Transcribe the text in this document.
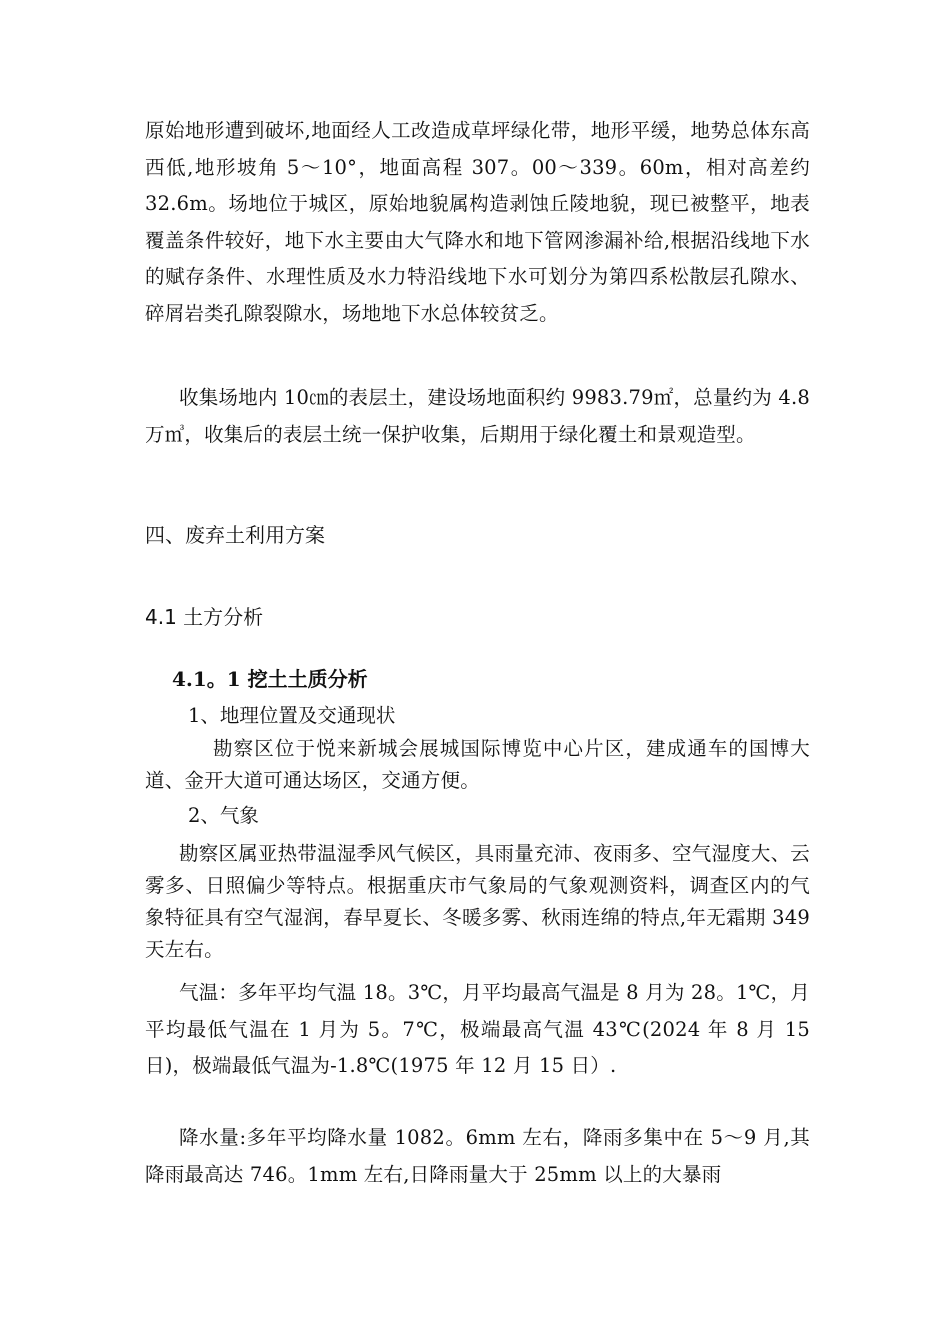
原始地形遭到破坏,地面经人工改造成草坪绿化带，地形平缓，地势总体东高西低,地形坡角 5～10°，地面高程 307。00～339。60m，相对高差约 32.6m。场地位于城区，原始地貌属构造剥蚀丘陵地貌，现已被整平，地表覆盖条件较好，地下水主要由大气降水和地下管网渗漏补给,根据沿线地下水的赋存条件、水理性质及水力特沿线地下水可划分为第四系松散层孔隙水、碎屑岩类孔隙裂隙水，场地地下水总体较贫乏。

收集场地内 10㎝的表层土，建设场地面积约 9983.79㎡，总量约为 4.8 万㎥，收集后的表层土统一保护收集，后期用于绿化覆土和景观造型。

四、废弃土利用方案

4.1 土方分析

4.1。1 挖土土质分析

1、地理位置及交通现状

勘察区位于悦来新城会展城国际博览中心片区，建成通车的国博大道、金开大道可通达场区，交通方便。

2、气象

勘察区属亚热带温湿季风气候区，具雨量充沛、夜雨多、空气湿度大、云雾多、日照偏少等特点。根据重庆市气象局的气象观测资料，调查区内的气象特征具有空气湿润，春早夏长、冬暖多雾、秋雨连绵的特点,年无霜期 349 天左右。

气温：多年平均气温 18。3℃，月平均最高气温是 8 月为 28。1℃，月平均最低气温在 1 月为 5。7℃，极端最高气温 43℃(2024 年 8 月 15 日)，极端最低气温为-1.8℃(1975 年 12 月 15 日）.

降水量:多年平均降水量 1082。6mm 左右，降雨多集中在 5～9 月,其降雨最高达 746。1mm 左右,日降雨量大于 25mm 以上的大暴雨
